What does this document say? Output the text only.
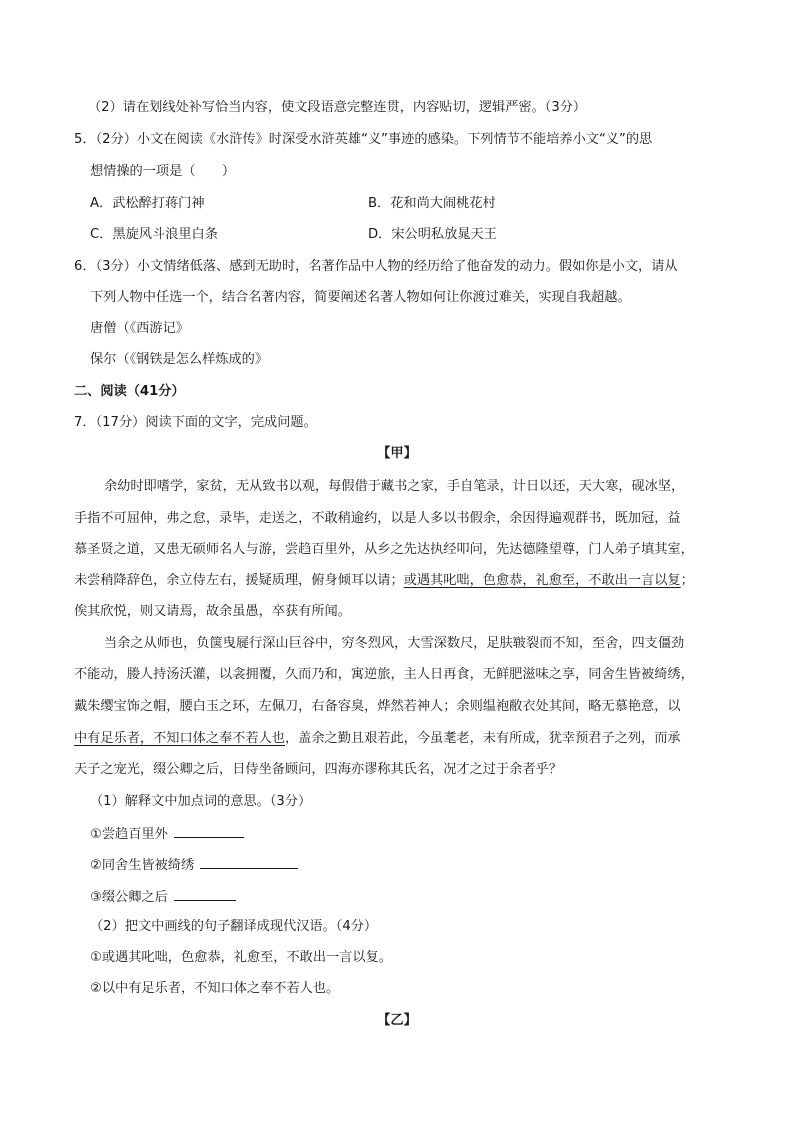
（2）请在划线处补写恰当内容，使文段语意完整连贯，内容贴切，逻辑严密。（3分）
5．（2分）小文在阅读《水浒传》时深受水浒英雄“义”事迹的感染。下列情节不能培养小文“义”的思
想情操的一项是（　　）
A．武松醉打蒋门神	B．花和尚大闹桃花村
C．黑旋风斗浪里白条	D．宋公明私放晁天王
6．（3分）小文情绪低落、感到无助时，名著作品中人物的经历给了他奋发的动力。假如你是小文，请从
下列人物中任选一个，结合名著内容，简要阐述名著人物如何让你渡过难关，实现自我超越。
唐僧（《西游记》
保尔（《钢铁是怎么样炼成的》
二、阅读（41分）
7．（17分）阅读下面的文字，完成问题。
【甲】
余幼时即嗜学，家贫，无从致书以观，每假借于藏书之家，手自笔录，计日以还，天大寒，砚冰坚，
手指不可屈伸，弗之怠，录毕，走送之，不敢稍逾约，以是人多以书假余，余因得遍观群书，既加冠，益
慕圣贤之道，又患无硕师名人与游，尝趋百里外，从乡之先达执经叩问，先达德隆望尊，门人弟子填其室，
未尝稍降辞色，余立侍左右，援疑质理，俯身倾耳以请；或遇其叱咄，色愈恭，礼愈至，不敢出一言以复；
俟其欣悦，则又请焉，故余虽愚，卒获有所闻。
当余之从师也，负箧曳屣行深山巨谷中，穷冬烈风，大雪深数尺，足肤皲裂而不知，至舍，四支僵劲
不能动，媵人持汤沃灌，以衾拥覆，久而乃和，寓逆旅，主人日再食，无鲜肥滋味之享，同舍生皆被绮绣，
戴朱缨宝饰之帽，腰白玉之环，左佩刀，右备容臭，烨然若神人；余则缊袍敝衣处其间，略无慕艳意，以
中有足乐者，不知口体之奉不若人也，盖余之勤且艰若此，今虽耄老，未有所成，犹幸预君子之列，而承
天子之宠光，缀公卿之后，日侍坐备顾问，四海亦谬称其氏名，况才之过于余者乎？
（1）解释文中加点词的意思。（3分）
①尝趋百里外
②同舍生皆被绮绣
③缀公卿之后
（2）把文中画线的句子翻译成现代汉语。（4分）
①或遇其叱咄，色愈恭，礼愈至，不敢出一言以复。
②以中有足乐者，不知口体之奉不若人也。
【乙】
